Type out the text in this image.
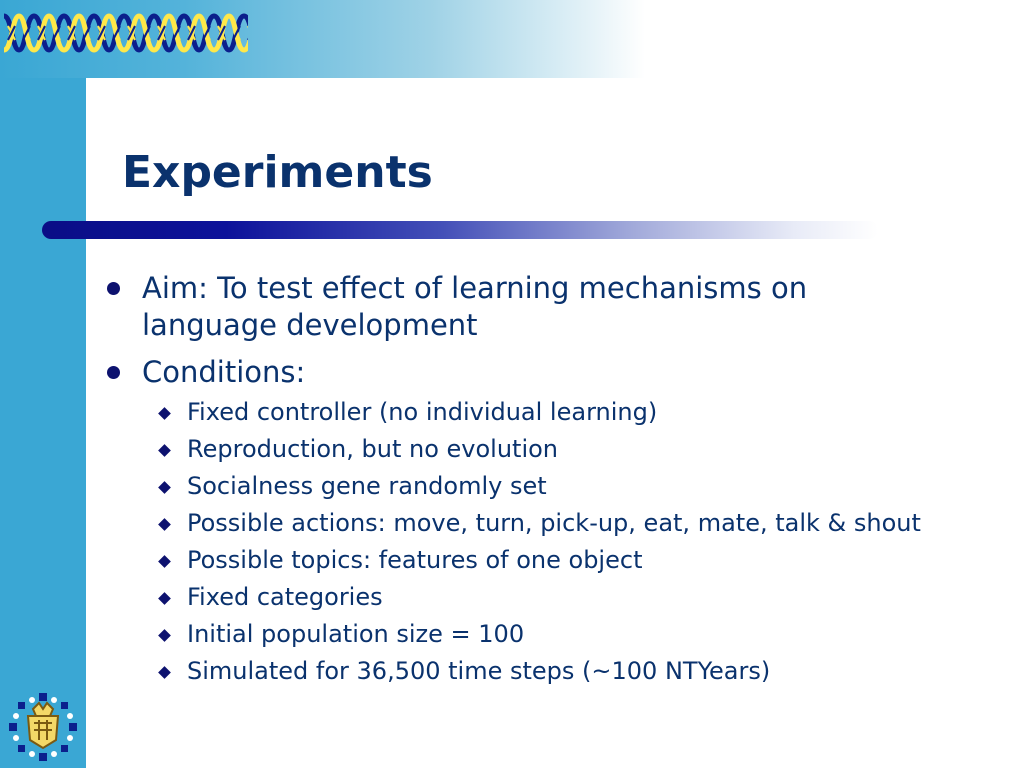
Experiments
Aim: To test effect of learning mechanisms on language development
Conditions:
Fixed controller (no individual learning)
Reproduction, but no evolution
Socialness gene randomly set
Possible actions: move, turn, pick-up, eat, mate, talk & shout
Possible topics: features of one object
Fixed categories
Initial population size = 100
Simulated for 36,500 time steps (~100 NTYears)
